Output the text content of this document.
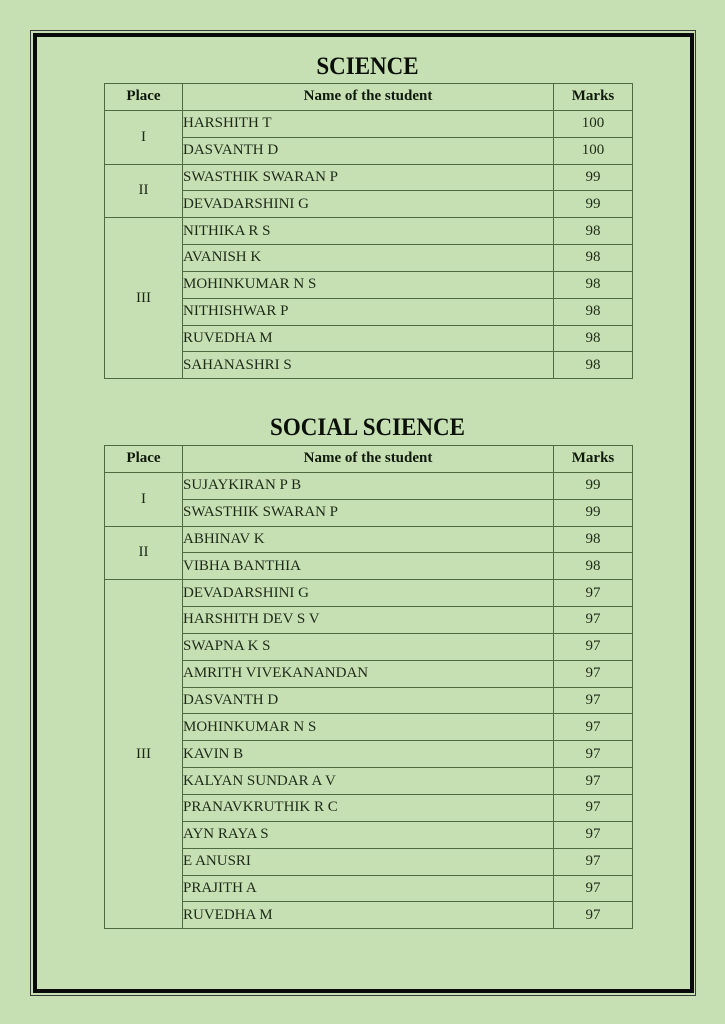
SCIENCE
Place	Name of the student	Marks
I	HARSHITH T	100
	DASVANTH D	100
II	SWASTHIK SWARAN P	99
	DEVADARSHINI G	99
III	NITHIKA R S	98
	AVANISH K	98
	MOHINKUMAR N S	98
	NITHISHWAR P	98
	RUVEDHA M	98
	SAHANASHRI S	98
SOCIAL SCIENCE
Place	Name of the student	Marks
I	SUJAYKIRAN P B	99
	SWASTHIK SWARAN P	99
II	ABHINAV K	98
	VIBHA BANTHIA	98
III	DEVADARSHINI G	97
	HARSHITH DEV S V	97
	SWAPNA K S	97
	AMRITH VIVEKANANDAN	97
	DASVANTH D	97
	MOHINKUMAR N S	97
	KAVIN B	97
	KALYAN SUNDAR A V	97
	PRANAVKRUTHIK R C	97
	AYN RAYA S	97
	E ANUSRI	97
	PRAJITH A	97
	RUVEDHA M	97
